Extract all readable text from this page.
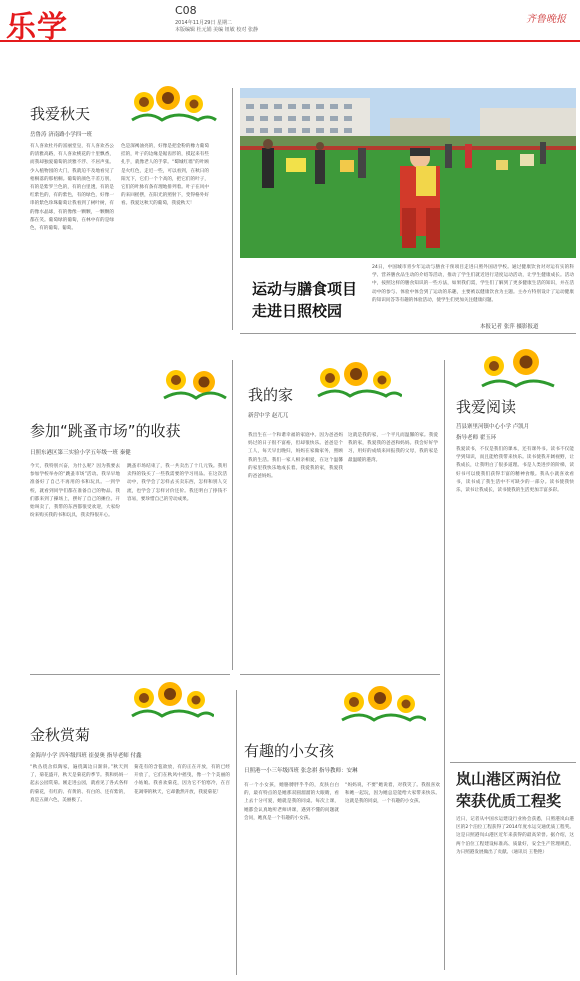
乐学	C08
2014年11月29日 星期二
本版编辑 杜元娟 美编 钮敏 校对 张静
齐鲁晚报
我爱秋天
岳鲁涛 济南路小学四一班
有人喜欢杜丹的富丽堂皇，有人喜欢杏公的清雅高路，有人喜欢桃花的十里飘香，而我却独爱葡萄的淡雅不浮、不居声张。少入植物园的大门，我就迫不及地看见了梧桐落的那梧桐。葡萄的颜色千差万别，有的是紫罗兰色的，有的白里透，有的是红紫色的，有的紫色，有的绿色，好像一串的紫色珍珠葡萄让我看到了树叶树，有的像水晶球，有的像像一颗颗，一颗颗的都在笑。葡萄绿的葡萄，在林中有的是绿色，有的葡萄。葡萄。
色是深褐油亮的，好像是把金粉的橡力葡萄挂的，叶子的边缘是锯齿形的，摸起来有些扎手，就像老人的手掌。“蜀城红墙”的叶顾是火红色，走近一些，可以看到，在秋日的阳光下，它们一个个高的，把它们的叶子，它们的叶脉有条有理地排列着。叶子在风中的来回摇摆，在阳光的照射下，变得格外好看。我爱这秋天的葡萄，我爱秋天！
运动与膳食项目
走进日照校园
24日，中国城市青少年运动与膳食干预项目走进日照外国语学校。通过健康饮食对对运有实的科学、营养膳食品生动的介绍等活动，推动了学生们就近进行适度运动活动，让学生健康成长。活动中，按照这样的膳食知识的一些方法，如果我们需，学生们了解到了更多健康生活的知识，并在活动中的参与、体验中体会到了运动的乐趣，主要被以健康饮食为主题。主办方特别设计了运动健康的知识问答等有趣的体验活动，使学生们更加关注健康问题。
本报记者 张萍 摄影报道
参加“跳蚤市场”的收获
日照东港区第三实验小学五年级一班 秦健
今天，我特别兴奋，为什么呢？因为我要去参加学校举办的“跳蚤市场”活动。我早早地准备好了自己不再用的书和玩具。一到学校，就看到同学们都在准备自己的物品。我们都来到了操场上，摆好了自己的摊位。开始叫卖了，我带的东西都很受欢迎，大家纷纷来购买我的书和玩具，我卖得很开心。
跳蚤市场结束了，我一共卖出了十几元钱。我用卖得的钱买了一些我需要的学习用品。在这次活动中，我学会了怎样去买卖东西，怎样和别人交流，也学会了怎样讨价还价。我还明白了挣钱不容易，要珍惜自己的劳动成果。
我的家
新营中学 赵兀兀
我出生在一个和谐幸福的家庭中。因为爸爸妈妈过的日子很不富裕，但却很快乐。爸爸是个工人，每天早出晚归，妈妈在家做家务，照顾我的生活。我们一家人相亲相爱，在这个温馨的家里我快乐地成长着。我爱我的家，我爱我的爸爸妈妈。
这就是我的家，一个平凡而温馨的家。我爱我的家，我爱我的爸爸和妈妈。我会好好学习，用好的成绩来回报我的父母，我的家是最温暖的港湾。
我爱阅读
莒县寨里河镇中心小学 卢凯月
指导老师 翟玉环
我爱读书，不仅是我们的课本，还有课外书。读书不仅能学到知识，而且能给我带来快乐。读书使我开阔视野，让我成长，让我明白了很多道理。书是人类进步的阶梯，读好书可以使我们获得丰富的精神食粮。我从小就喜欢看书，读书成了我生活中不可缺少的一部分。读书使我快乐，读书让我成长，读书使我的生活更加丰富多彩。
岚山港区两泊位
荣获优质工程奖
近日，记者从中国水运建设行业协会获悉，日照港岚山港区的2个泊位工程获得了2014年度水运交通优质工程奖。这是日照港岚山港区近年来获得的最高荣誉。据介绍，这两个泊位工程建设标准高、质量好，安全生产管理规范，为日照港发展做出了贡献。（通讯员 王艳艳）
金秋赏菊
金海岸小学 四年级四班 崔晏奥 指导老师 付鑫
“秋丛绕舍似陶家，遍绕篱边日渐斜。”秋天到了，菊花盛开，秋天是菊花的季节。我和妈妈一起去公园赏菊。刚走进公园，就看见了各式各样的菊花，有红的、有黄的、有白的、还有紫的，真是五颜六色，美丽极了。
菊花有的含苞欲放，有的正在开放，有的已经开放了，它们在秋风中摇曳，像一个个美丽的小姑娘。我喜欢菊花，因为它不怕寒冷，在百花凋零的秋天，它却傲然开放，我爱菊花！
有趣的小女孩
日照港一小三年级四班 张念祺 指导教师：安琳
有一个小女孩，她胳膊胖乎乎的，皮肤白白的，最有特点的是她那双圆溜溜的大眼睛，看上去十分可爱，她就是我的同桌。每次上课，她都会认真地听老师讲课，遇到不懂的问题就会问，她真是一个有趣的小女孩。
“妈妈说，不要”她说着，对我笑了。我很喜欢和她一起玩，因为她总是能给大家带来快乐。这就是我的同桌，一个有趣的小女孩。
